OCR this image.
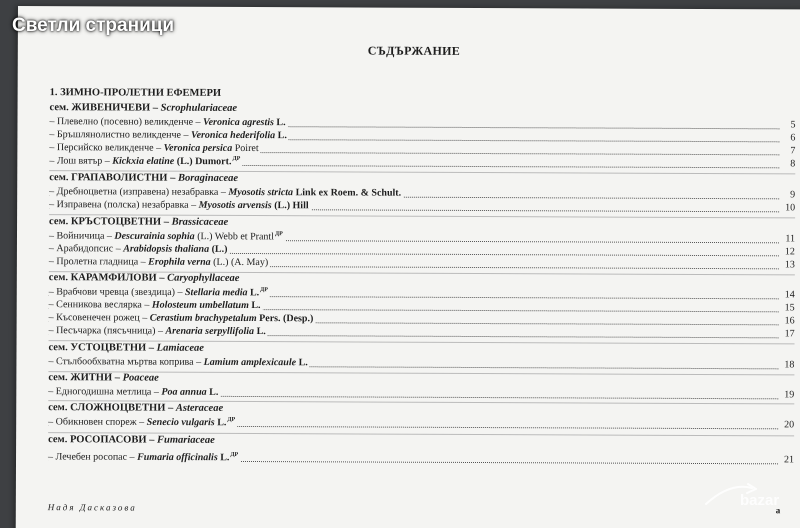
СЪДЪРЖАНИЕ
1. ЗИМНО-ПРОЛЕТНИ ЕФЕМЕРИ
сем. ЖИВЕНИЧЕВИ – Scrophulariaceae
– Плевелно (посевно) великденче – Veronica agrestis L.	5
– Бръшлянолистно великденче – Veronica hederifolia L.	6
– Персийско великденче – Veronica persica Poiret	7
– Лош вятър – Kickxia elatine (L.) Dumort.$^{ДР}$	8
сем. ГРАПАВОЛИСТНИ – Boraginaceae
– Дребноцветна (изправена) незабравка – Myosotis stricta Link ex Roem. & Schult.	9
– Изправена (полска) незабравка – Myosotis arvensis (L.) Hill	10
сем. КРЪСТОЦВЕТНИ – Brassicaceae
– Войничица – Descurainia sophia (L.) Webb et Prantl$^{ДР}$	11
– Арабидопсис – Arabidopsis thaliana (L.)	12
– Пролетна гладница – Erophila verna (L.) (A. May)	13
сем. КАРАМФИЛОВИ – Caryophyllaceae
– Врабчови чревца (звездица) – Stellaria media L.$^{ДР}$	14
– Сенникова веслярка – Holosteum umbellatum L.	15
– Късовенечен рожец – Cerastium brachypetalum Pers. (Desp.)	16
– Песъчарка (пясъчница) – Arenaria serpyllifolia L.	17
сем. УСТОЦВЕТНИ – Lamiaceae
– Стълбообхватна мъртва коприва – Lamium amplexicaule L.	18
сем. ЖИТНИ – Poaceae
– Едногодишна метлица – Poa annua L.	19
сем. СЛОЖНОЦВЕТНИ – Asteraceae
– Обикновен спореж – Senecio vulgaris L.$^{ДР}$	20
сем. РОСОПАСОВИ – Fumariaceae
– Лечебен росопас – Fumaria officinalis L.$^{ДР}$	21
Надя Дасказова	a
Светли страници
bazar
